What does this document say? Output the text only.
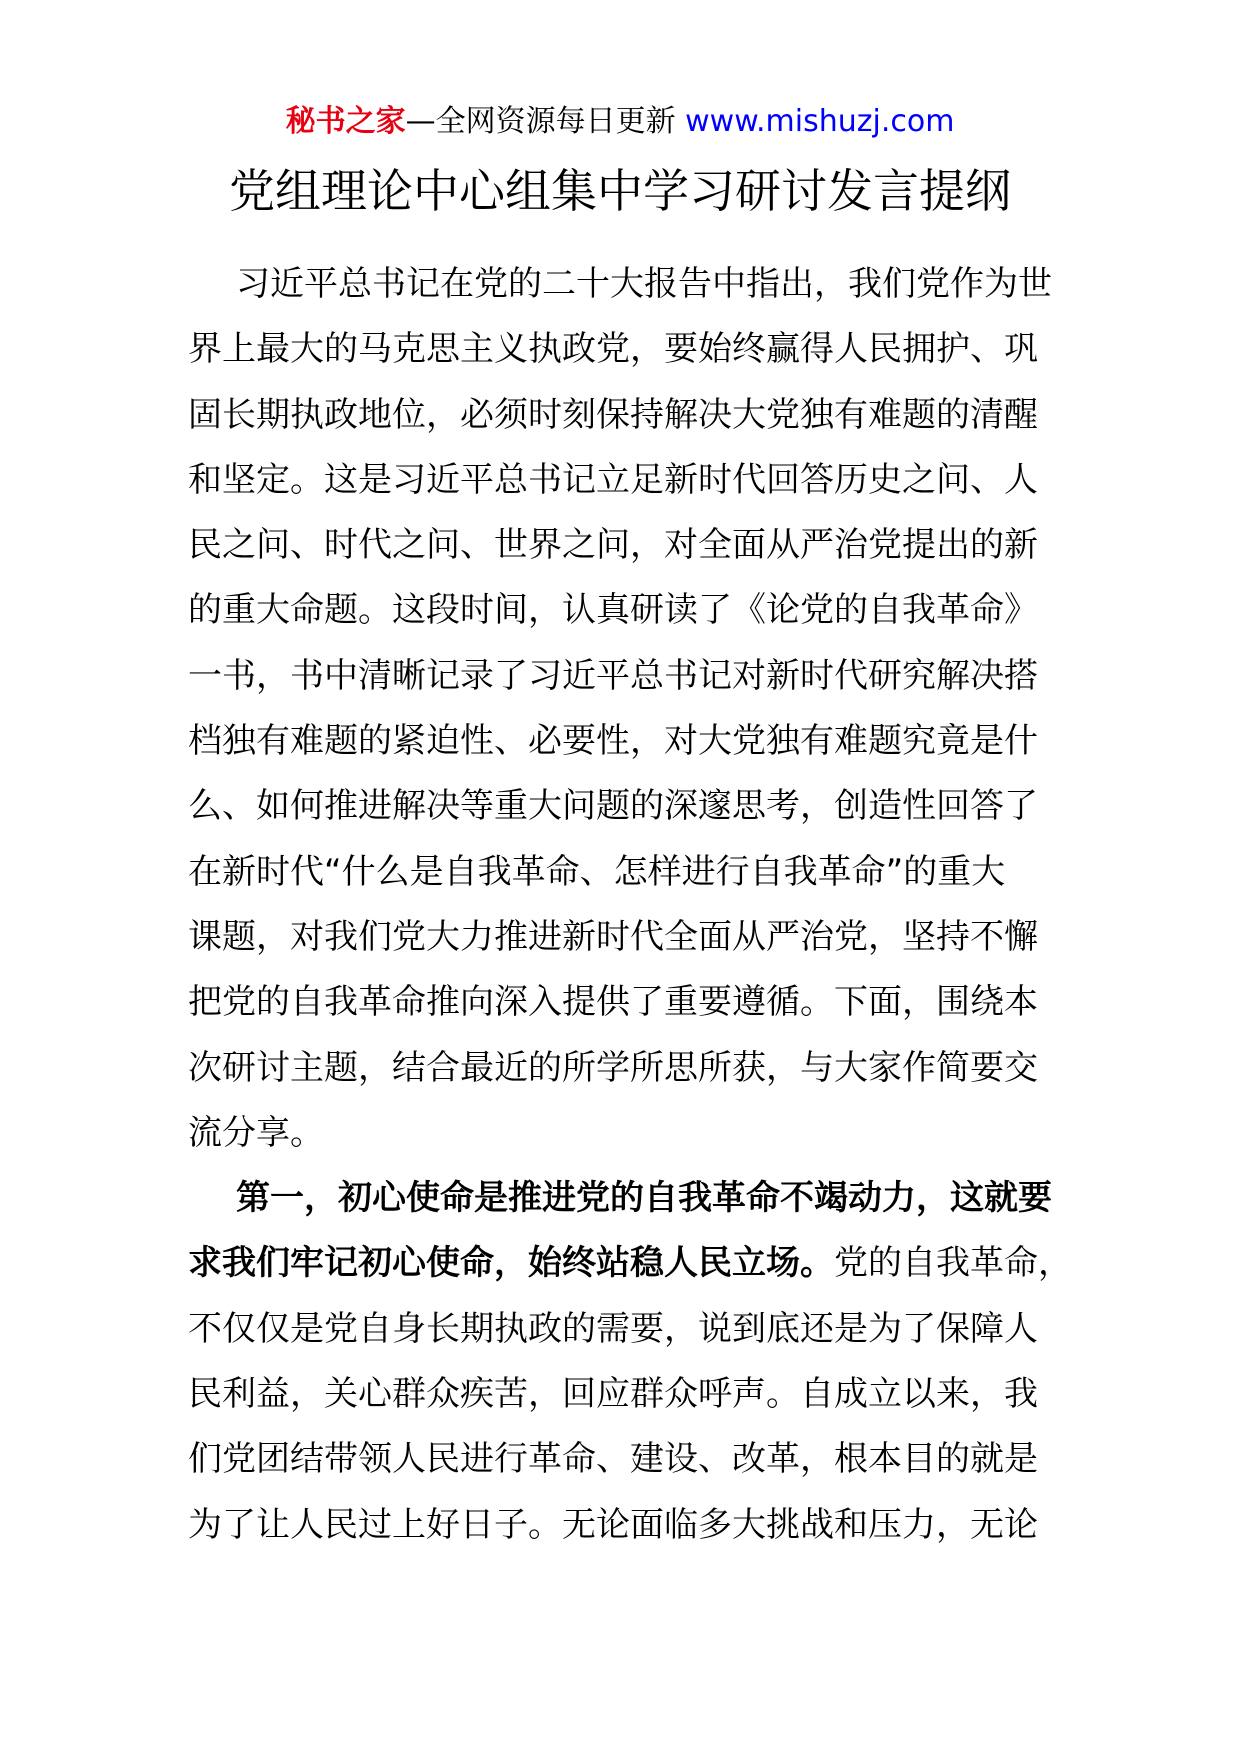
秘书之家—全网资源每日更新 www.mishuzj.com
党组理论中心组集中学习研讨发言提纲
习近平总书记在党的二十大报告中指出，我们党作为世
界上最大的马克思主义执政党，要始终赢得人民拥护、巩
固长期执政地位，必须时刻保持解决大党独有难题的清醒
和坚定。这是习近平总书记立足新时代回答历史之问、人
民之问、时代之问、世界之问，对全面从严治党提出的新
的重大命题。这段时间，认真研读了《论党的自我革命》
一书，书中清晰记录了习近平总书记对新时代研究解决搭
档独有难题的紧迫性、必要性，对大党独有难题究竟是什
么、如何推进解决等重大问题的深邃思考，创造性回答了
在新时代“什么是自我革命、怎样进行自我革命”的重大
课题，对我们党大力推进新时代全面从严治党，坚持不懈
把党的自我革命推向深入提供了重要遵循。下面，围绕本
次研讨主题，结合最近的所学所思所获，与大家作简要交
流分享。
第一，初心使命是推进党的自我革命不竭动力，这就要
求我们牢记初心使命，始终站稳人民立场。党的自我革命，
不仅仅是党自身长期执政的需要，说到底还是为了保障人
民利益，关心群众疾苦，回应群众呼声。自成立以来，我
们党团结带领人民进行革命、建设、改革，根本目的就是
为了让人民过上好日子。无论面临多大挑战和压力，无论
